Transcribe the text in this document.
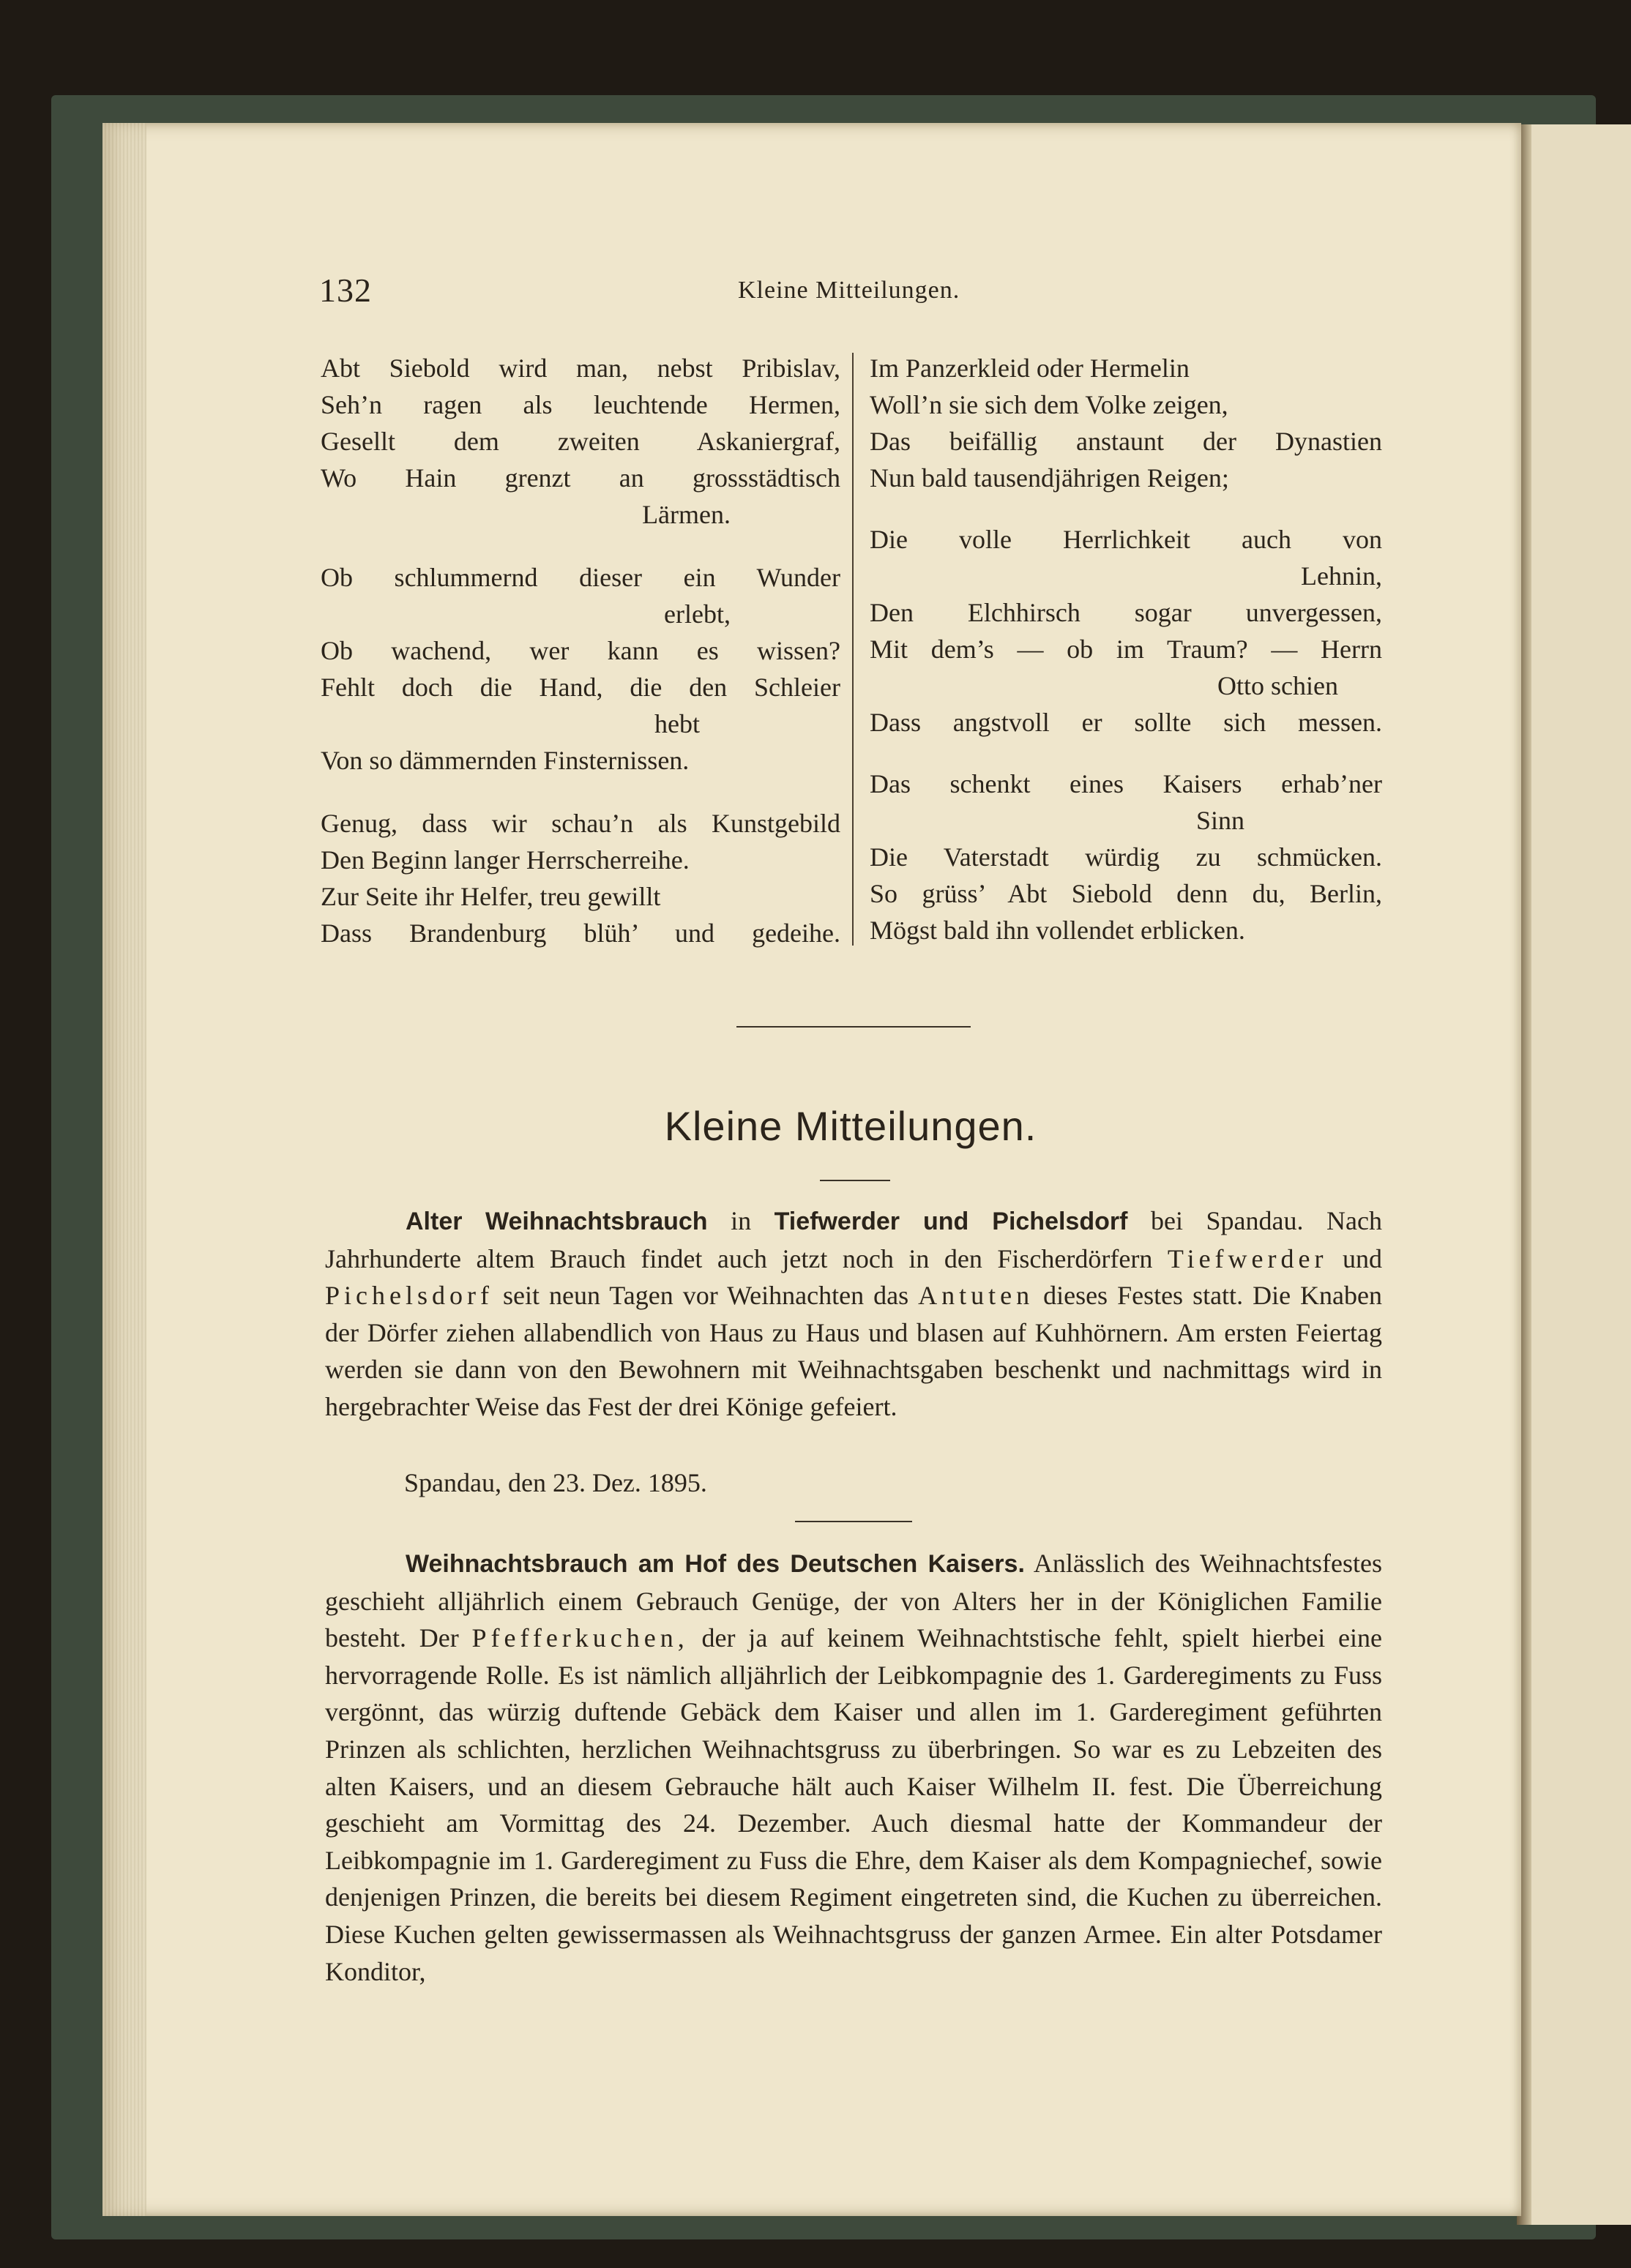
132	Kleine Mitteilungen.
Abt Siebold wird man, nebst Pribislav,
Seh’n ragen als leuchtende Hermen,
Gesellt dem zweiten Askaniergraf,
Wo Hain grenzt an grossstädtisch
Lärmen.
Ob schlummernd dieser ein Wunder
erlebt,
Ob wachend, wer kann es wissen?
Fehlt doch die Hand, die den Schleier
hebt
Von so dämmernden Finsternissen.
Genug, dass wir schau’n als Kunstgebild
Den Beginn langer Herrscherreihe.
Zur Seite ihr Helfer, treu gewillt
Dass Brandenburg blüh’ und gedeihe.
Im Panzerkleid oder Hermelin
Woll’n sie sich dem Volke zeigen,
Das beifällig anstaunt der Dynastien
Nun bald tausendjährigen Reigen;
Die volle Herrlichkeit auch von
Lehnin,
Den Elchhirsch sogar unvergessen,
Mit dem’s — ob im Traum? — Herrn
Otto schien
Dass angstvoll er sollte sich messen.
Das schenkt eines Kaisers erhab’ner
Sinn
Die Vaterstadt würdig zu schmücken.
So grüss’ Abt Siebold denn du, Berlin,
Mögst bald ihn vollendet erblicken.
Kleine Mitteilungen.

Alter Weihnachtsbrauch in Tiefwerder und Pichelsdorf bei Spandau. Nach Jahrhunderte altem Brauch findet auch jetzt noch in den Fischerdörfern Tiefwerder und Pichelsdorf seit neun Tagen vor Weihnachten das Antuten dieses Festes statt. Die Knaben der Dörfer ziehen allabendlich von Haus zu Haus und blasen auf Kuhhörnern. Am ersten Feiertag werden sie dann von den Bewohnern mit Weihnachtsgaben beschenkt und nachmittags wird in hergebrachter Weise das Fest der drei Könige gefeiert.

Spandau, den 23. Dez. 1895.

Weihnachtsbrauch am Hof des Deutschen Kaisers. Anlässlich des Weihnachtsfestes geschieht alljährlich einem Gebrauch Genüge, der von Alters her in der Königlichen Familie besteht. Der Pfefferkuchen, der ja auf keinem Weihnachtstische fehlt, spielt hierbei eine hervorragende Rolle. Es ist nämlich alljährlich der Leibkompagnie des 1. Garderegiments zu Fuss vergönnt, das würzig duftende Gebäck dem Kaiser und allen im 1. Garderegiment geführten Prinzen als schlichten, herzlichen Weihnachtsgruss zu überbringen. So war es zu Lebzeiten des alten Kaisers, und an diesem Gebrauche hält auch Kaiser Wilhelm II. fest. Die Überreichung geschieht am Vormittag des 24. Dezember. Auch diesmal hatte der Kommandeur der Leibkompagnie im 1. Garderegiment zu Fuss die Ehre, dem Kaiser als dem Kompagniechef, sowie denjenigen Prinzen, die bereits bei diesem Regiment eingetreten sind, die Kuchen zu überreichen. Diese Kuchen gelten gewissermassen als Weihnachtsgruss der ganzen Armee. Ein alter Potsdamer Konditor,
